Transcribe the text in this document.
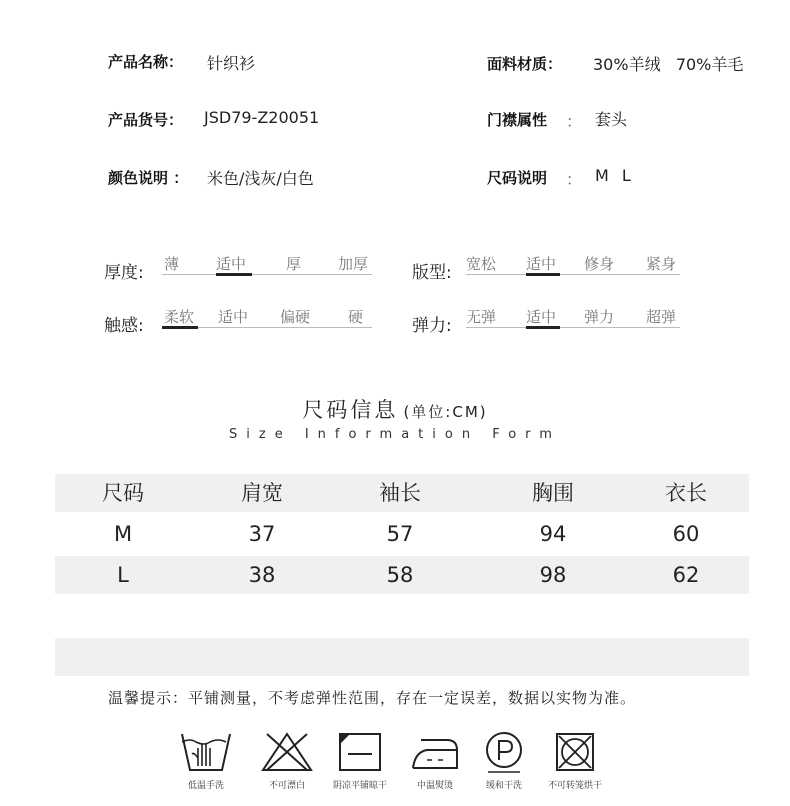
产品名称： 针织衫
产品货号： JSD79-Z20051
颜色说明 ： 米色/浅灰/白色
面料材质： 30%羊绒   70%羊毛
门襟属性 ： 套头
尺码说明 ： M L
厚度: 薄 适中	厚 加厚	版型: 宽松 适中 修身 紧身
触感: 柔软 适中 偏硬	硬	弹力: 无弹 适中 弹力 超弹
尺码信息 (单位:CM)
Size Information Form
尺码	肩宽	袖长	胸围	衣长
M	37	57	94	60
L	38	58	98	62
温馨提示：平铺测量，不考虑弹性范围，存在一定误差，数据以实物为准。
低温手洗	不可漂白	阴凉平铺晾干	中温熨烫	缓和干洗	不可转笼烘干
